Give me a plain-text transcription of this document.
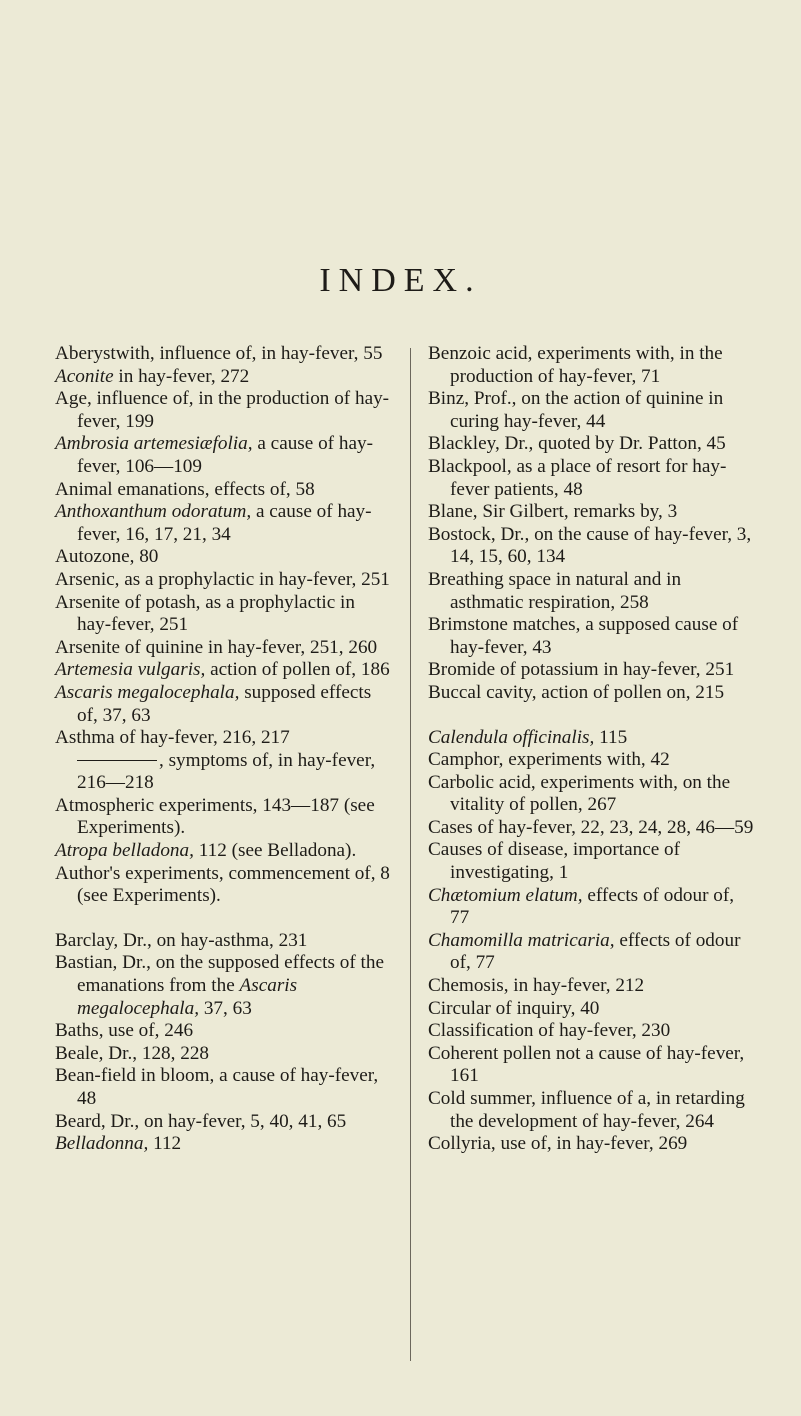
INDEX.

Aberystwith, influence of, in hay-fever, 55

Aconite in hay-fever, 272

Age, influence of, in the production of hay-fever, 199

Ambrosia artemesiæfolia, a cause of hay-fever, 106—109

Animal emanations, effects of, 58

Anthoxanthum odoratum, a cause of hay-fever, 16, 17, 21, 34

Autozone, 80

Arsenic, as a prophylactic in hay-fever, 251

Arsenite of potash, as a prophylactic in hay-fever, 251

Arsenite of quinine in hay-fever, 251, 260

Artemesia vulgaris, action of pollen of, 186

Ascaris megalocephala, supposed effects of, 37, 63

Asthma of hay-fever, 216, 217

, symptoms of, in hay-fever, 216—218

Atmospheric experiments, 143—187 (see Experiments).

Atropa belladona, 112 (see Belladona).

Author's experiments, commencement of, 8 (see Experiments).

Barclay, Dr., on hay-asthma, 231

Bastian, Dr., on the supposed effects of the emanations from the Ascaris megalocephala, 37, 63

Baths, use of, 246

Beale, Dr., 128, 228

Bean-field in bloom, a cause of hay-fever, 48

Beard, Dr., on hay-fever, 5, 40, 41, 65

Belladonna, 112

Benzoic acid, experiments with, in the production of hay-fever, 71

Binz, Prof., on the action of quinine in curing hay-fever, 44

Blackley, Dr., quoted by Dr. Patton, 45

Blackpool, as a place of resort for hay-fever patients, 48

Blane, Sir Gilbert, remarks by, 3

Bostock, Dr., on the cause of hay-fever, 3, 14, 15, 60, 134

Breathing space in natural and in asthmatic respiration, 258

Brimstone matches, a supposed cause of hay-fever, 43

Bromide of potassium in hay-fever, 251

Buccal cavity, action of pollen on, 215

Calendula officinalis, 115

Camphor, experiments with, 42

Carbolic acid, experiments with, on the vitality of pollen, 267

Cases of hay-fever, 22, 23, 24, 28, 46—59

Causes of disease, importance of investigating, 1

Chætomium elatum, effects of odour of, 77

Chamomilla matricaria, effects of odour of, 77

Chemosis, in hay-fever, 212

Circular of inquiry, 40

Classification of hay-fever, 230

Coherent pollen not a cause of hay-fever, 161

Cold summer, influence of a, in retarding the development of hay-fever, 264

Collyria, use of, in hay-fever, 269
